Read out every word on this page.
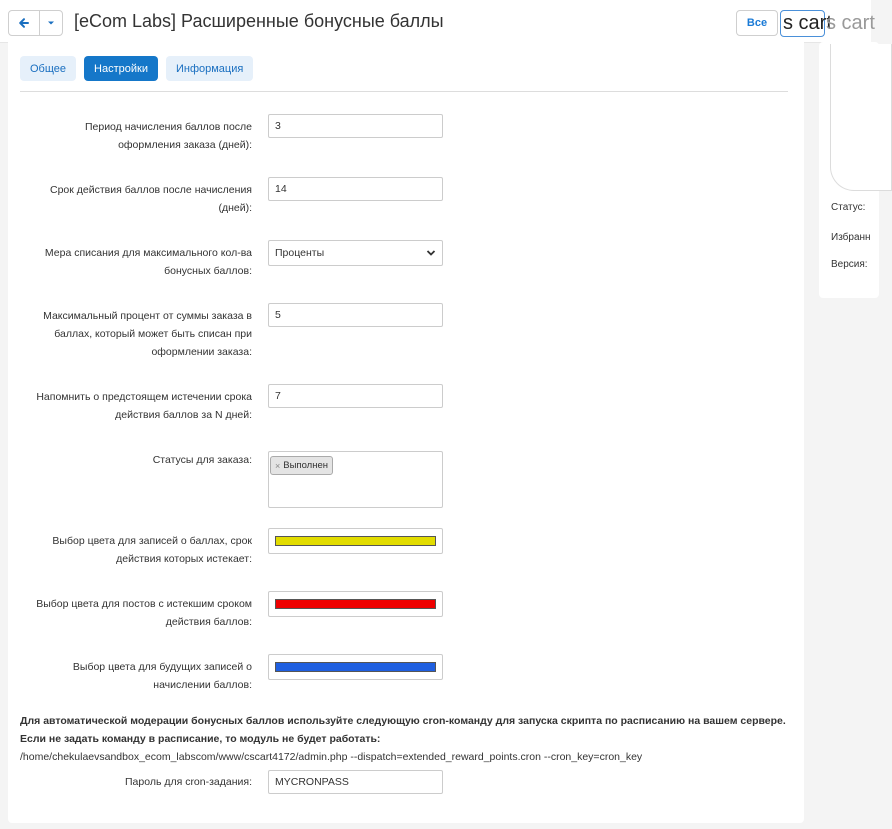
[eCom Labs] Расширенные бонусные баллы	Все s cart
s cart
Статус:
Избранн
Версия:
Общее	Настройки	Информация
Период начисления баллов после оформления заказа (дней):
3
Срок действия баллов после начисления (дней):
14
Мера списания для максимального кол-ва бонусных баллов:
Проценты
Максимальный процент от суммы заказа в баллах, который может быть списан при оформлении заказа:
5
Напомнить о предстоящем истечении срока действия баллов за N дней:
7
Статусы для заказа:	× Выполнен
Выбор цвета для записей о баллах, срок действия которых истекает:
Выбор цвета для постов с истекшим сроком действия баллов:
Выбор цвета для будущих записей о начислении баллов:
Для автоматической модерации бонусных баллов используйте следующую cron-команду для запуска скрипта по расписанию на вашем сервере.
Если не задать команду в расписание, то модуль не будет работать:
/home/chekulaevsandbox_ecom_labscom/www/cscart4172/admin.php --dispatch=extended_reward_points.cron --cron_key=cron_key
Пароль для cron-задания:	MYCRONPASS
